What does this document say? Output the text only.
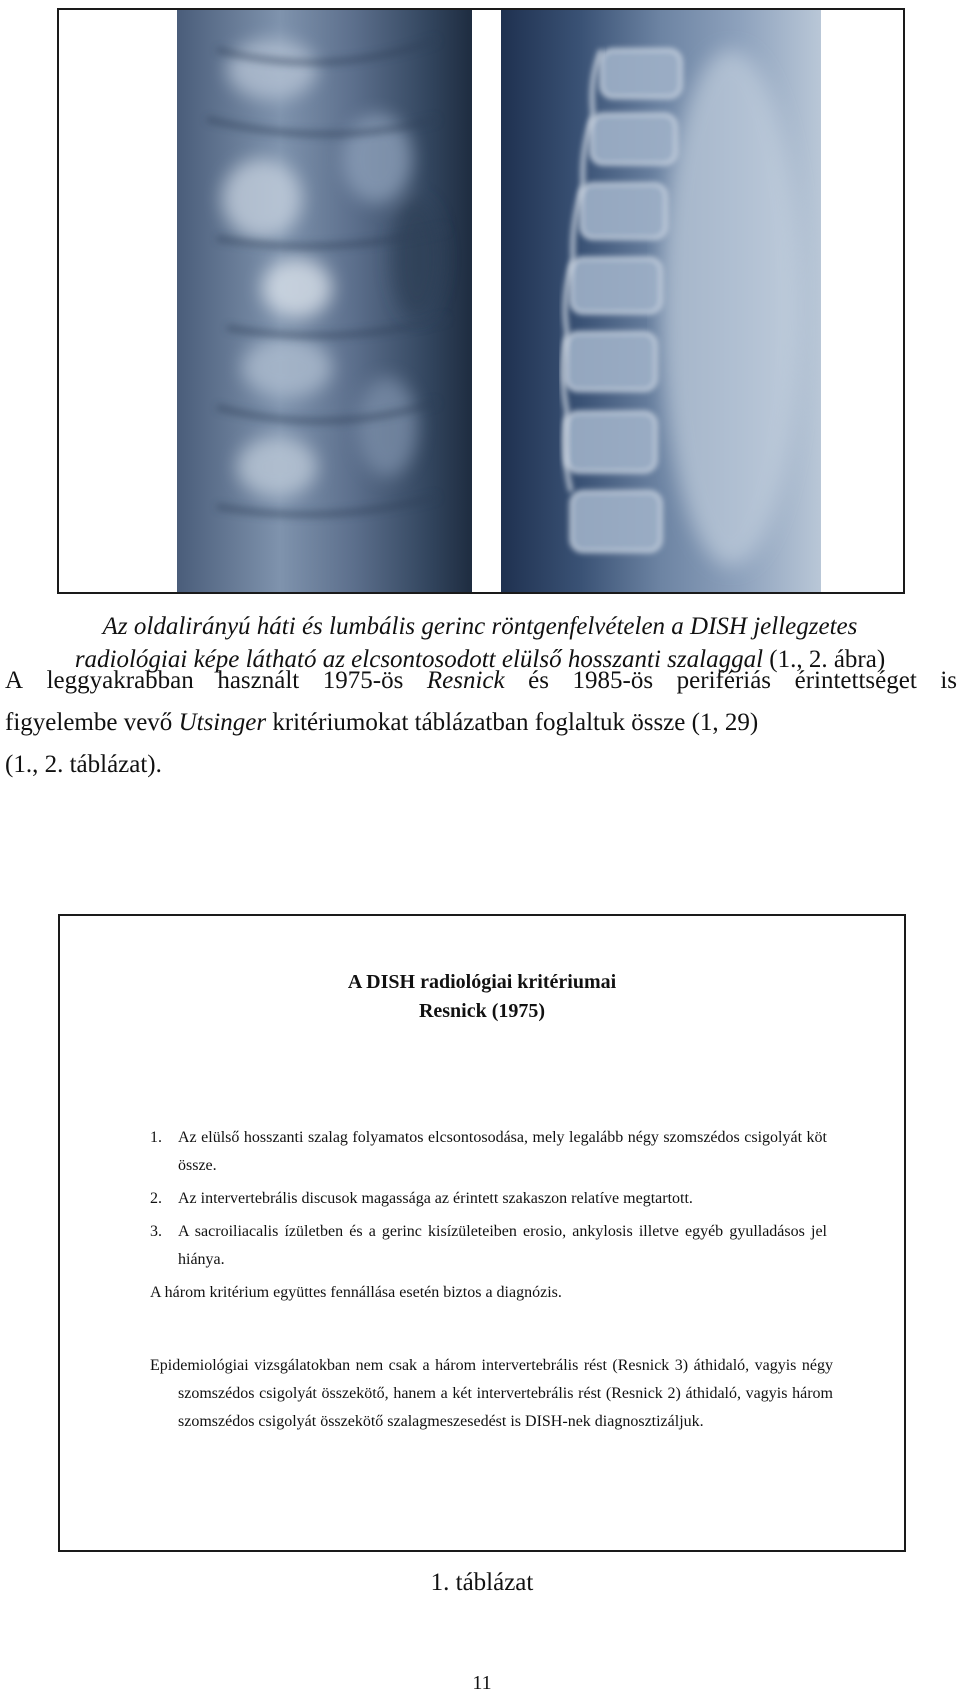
Az oldalirányú háti és lumbális gerinc röntgenfelvételen a DISH jellegzetes
radiológiai képe látható az elcsontosodott elülső hosszanti szalaggal (1., 2. ábra)
A leggyakrabban használt 1975-ös Resnick és 1985-ös perifériás érintettséget is
figyelembe vevő Utsinger kritériumokat táblázatban foglaltuk össze (1, 29)
(1., 2. táblázat).
A DISH radiológiai kritériumai
Resnick (1975)
1.	Az elülső hosszanti szalag folyamatos elcsontosodása, mely legalább négy szomszédos csigolyát köt össze.
2.	Az intervertebrális discusok magassága az érintett szakaszon relatíve megtartott.
3.	A sacroiliacalis ízületben és a gerinc kisízületeiben erosio, ankylosis illetve egyéb gyulladásos jel hiánya.
A három kritérium együttes fennállása esetén biztos a diagnózis.
Epidemiológiai vizsgálatokban nem csak a három intervertebrális rést (Resnick 3) áthidaló, vagyis négy szomszédos csigolyát összekötő, hanem a két intervertebrális rést (Resnick 2) áthidaló, vagyis három szomszédos csigolyát összekötő szalagmeszesedést is DISH-nek diagnosztizáljuk.
1. táblázat
11
